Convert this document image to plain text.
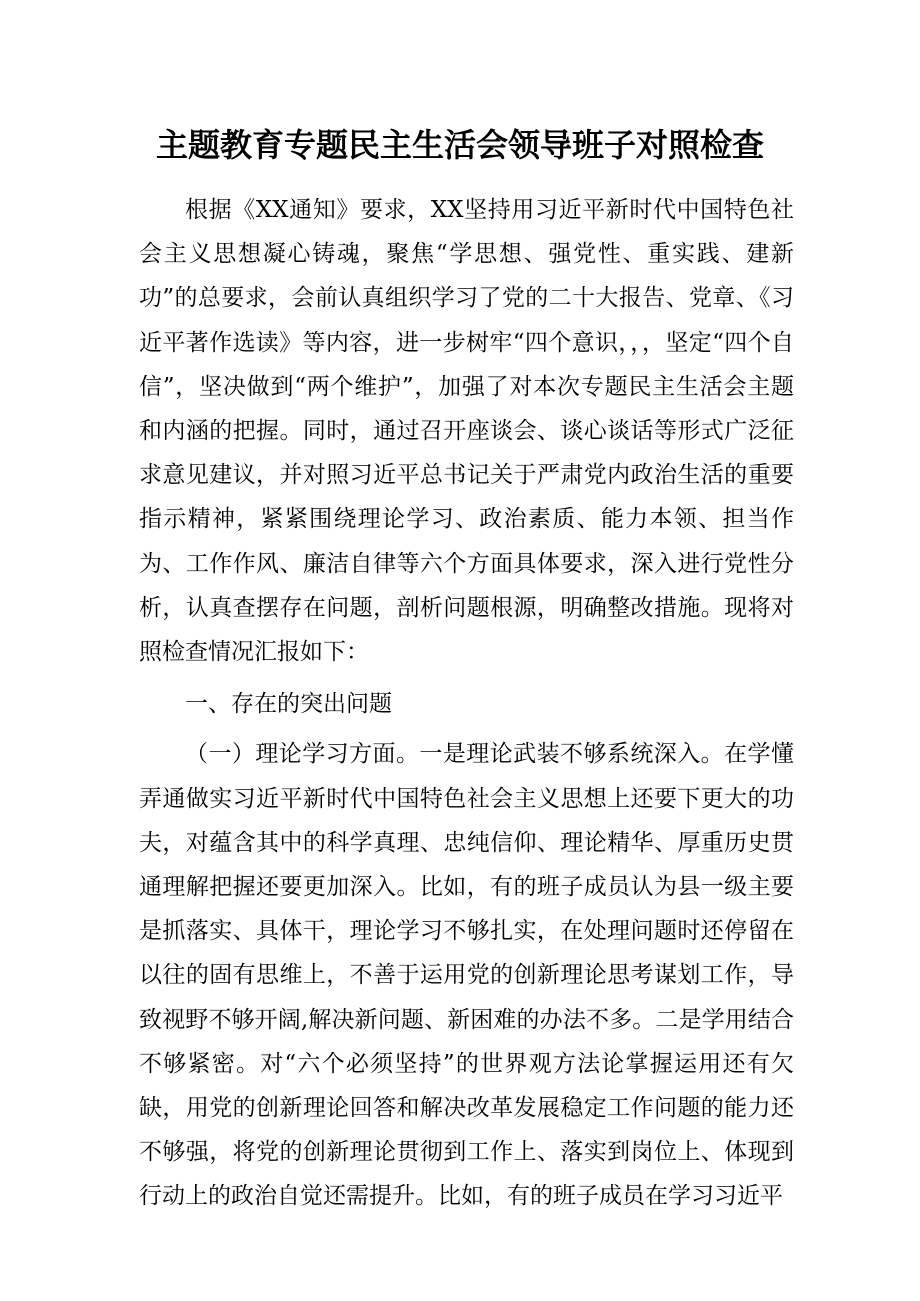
主题教育专题民主生活会领导班子对照检查

根据《XX通知》要求，XX坚持用习近平新时代中国特色社会主义思想凝心铸魂，聚焦“学思想、强党性、重实践、建新功”的总要求，会前认真组织学习了党的二十大报告、党章、《习近平著作选读》等内容，进一步树牢“四个意识，，，坚定“四个自信”，坚决做到“两个维护”，加强了对本次专题民主生活会主题和内涵的把握。同时，通过召开座谈会、谈心谈话等形式广泛征求意见建议，并对照习近平总书记关于严肃党内政治生活的重要指示精神，紧紧围绕理论学习、政治素质、能力本领、担当作为、工作作风、廉洁自律等六个方面具体要求，深入进行党性分析，认真查摆存在问题，剖析问题根源，明确整改措施。现将对照检查情况汇报如下：

一、存在的突出问题

（一）理论学习方面。一是理论武装不够系统深入。在学懂弄通做实习近平新时代中国特色社会主义思想上还要下更大的功夫，对蕴含其中的科学真理、忠纯信仰、理论精华、厚重历史贯通理解把握还要更加深入。比如，有的班子成员认为县一级主要是抓落实、具体干，理论学习不够扎实，在处理问题时还停留在以往的固有思维上，不善于运用党的创新理论思考谋划工作，导致视野不够开阔,解决新问题、新困难的办法不多。二是学用结合不够紧密。对“六个必须坚持”的世界观方法论掌握运用还有欠缺，用党的创新理论回答和解决改革发展稳定工作问题的能力还不够强，将党的创新理论贯彻到工作上、落实到岗位上、体现到行动上的政治自觉还需提升。比如，有的班子成员在学习习近平
